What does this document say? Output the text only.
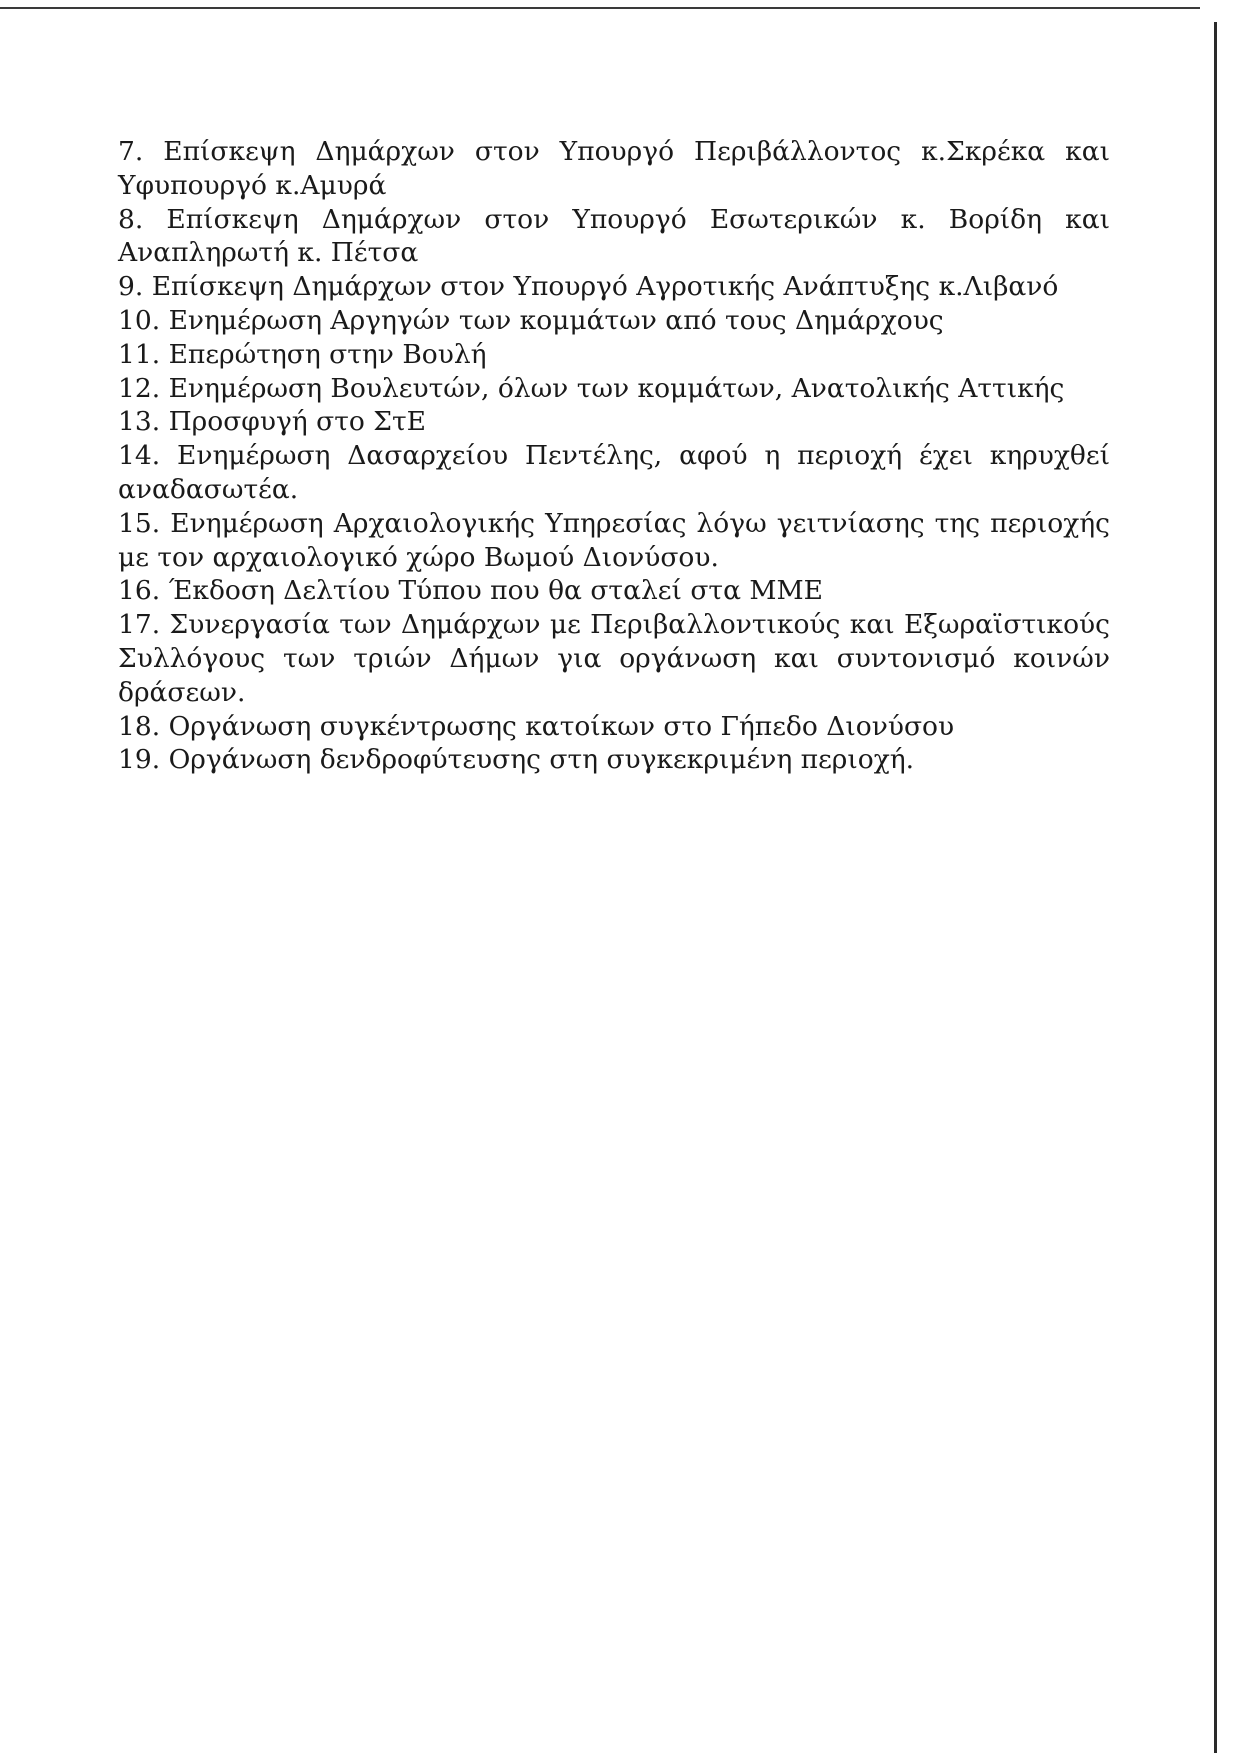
7. Επίσκεψη Δημάρχων στον Υπουργό Περιβάλλοντος κ.Σκρέκα και Υφυπουργό κ.Αμυρά
8. Επίσκεψη Δημάρχων στον Υπουργό Εσωτερικών κ. Βορίδη και Αναπληρωτή κ. Πέτσα
9. Επίσκεψη Δημάρχων στον Υπουργό Αγροτικής Ανάπτυξης κ.Λιβανό
10. Ενημέρωση Αργηγών των κομμάτων από τους Δημάρχους
11. Επερώτηση στην Βουλή
12. Ενημέρωση Βουλευτών, όλων των κομμάτων, Ανατολικής Αττικής
13. Προσφυγή στο ΣτΕ
14. Ενημέρωση Δασαρχείου Πεντέλης, αφού η περιοχή έχει κηρυχθεί αναδασωτέα.
15. Ενημέρωση Αρχαιολογικής Υπηρεσίας λόγω γειτνίασης της περιοχής με τον αρχαιολογικό χώρο Βωμού Διονύσου.
16. Έκδοση Δελτίου Τύπου που θα σταλεί στα ΜΜΕ
17. Συνεργασία των Δημάρχων με Περιβαλλοντικούς και Εξωραϊστικούς Συλλόγους των τριών Δήμων για οργάνωση και συντονισμό κοινών δράσεων.
18. Οργάνωση συγκέντρωσης κατοίκων στο Γήπεδο Διονύσου
19. Οργάνωση δενδροφύτευσης στη συγκεκριμένη περιοχή.
